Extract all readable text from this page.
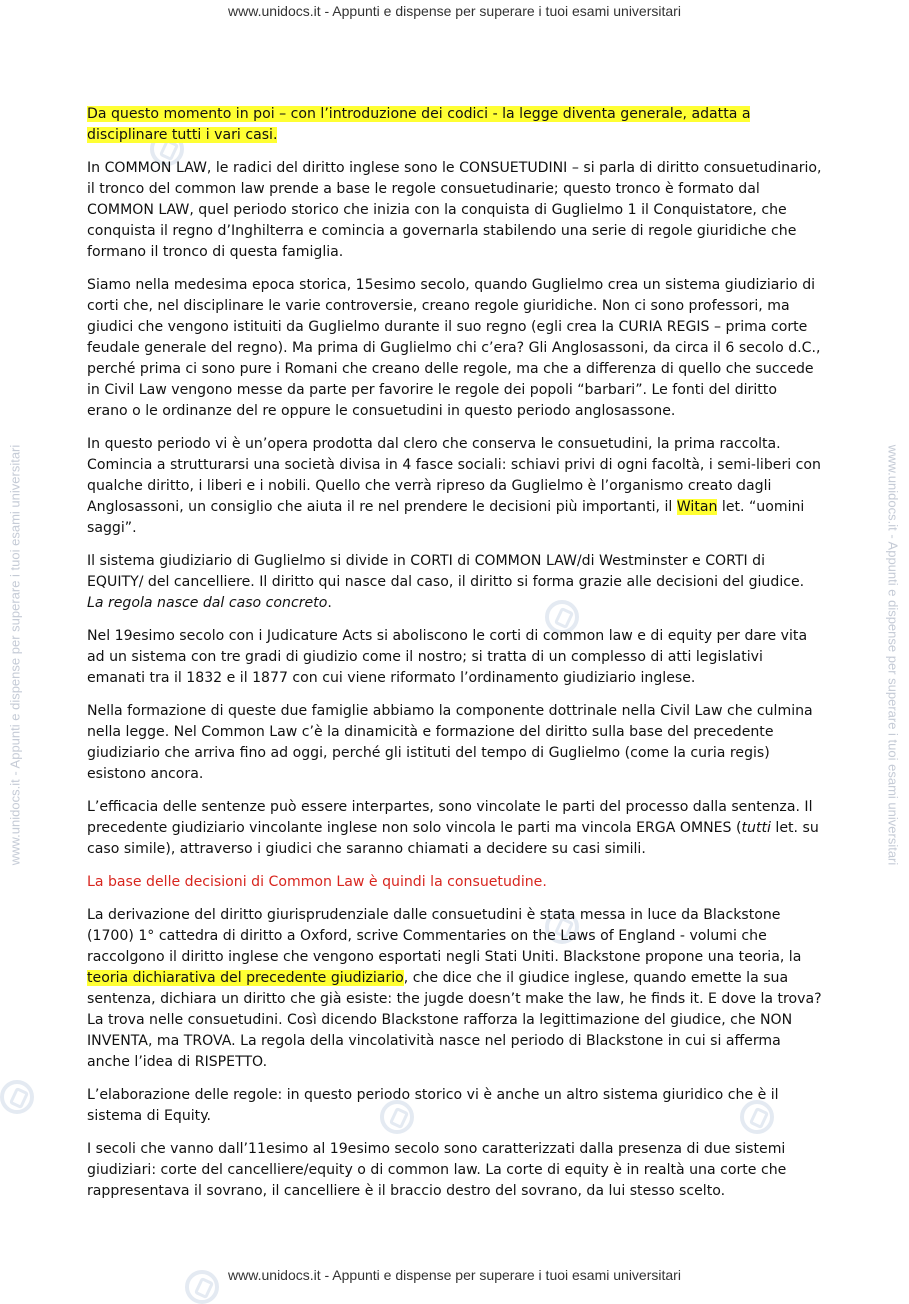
www.unidocs.it - Appunti e dispense per superare i tuoi esami universitari
www.unidocs.it - Appunti e dispense per superare i tuoi esami universitari
www.unidocs.it - Appunti e dispense per superare i tuoi esami universitari	www.unidocs.it - Appunti e dispense per superare i tuoi esami universitari

Da questo momento in poi – con l’introduzione dei codici - la legge diventa generale, adatta a disciplinare tutti i vari casi.

In COMMON LAW, le radici del diritto inglese sono le CONSUETUDINI – si parla di diritto consuetudinario, il tronco del common law prende a base le regole consuetudinarie; questo tronco è formato dal COMMON LAW, quel periodo storico che inizia con la conquista di Guglielmo 1 il Conquistatore, che conquista il regno d’Inghilterra e comincia a governarla stabilendo una serie di regole giuridiche che formano il tronco di questa famiglia.

Siamo nella medesima epoca storica, 15esimo secolo, quando Guglielmo crea un sistema giudiziario di corti che, nel disciplinare le varie controversie, creano regole giuridiche. Non ci sono professori, ma giudici che vengono istituiti da Guglielmo durante il suo regno (egli crea la CURIA REGIS – prima corte feudale generale del regno). Ma prima di Guglielmo chi c’era? Gli Anglosassoni, da circa il 6 secolo d.C., perché prima ci sono pure i Romani che creano delle regole, ma che a differenza di quello che succede in Civil Law vengono messe da parte per favorire le regole dei popoli “barbari”. Le fonti del diritto erano o le ordinanze del re oppure le consuetudini in questo periodo anglosassone.

In questo periodo vi è un’opera prodotta dal clero che conserva le consuetudini, la prima raccolta. Comincia a strutturarsi una società divisa in 4 fasce sociali: schiavi privi di ogni facoltà, i semi-liberi con qualche diritto, i liberi e i nobili. Quello che verrà ripreso da Guglielmo è l’organismo creato dagli Anglosassoni, un consiglio che aiuta il re nel prendere le decisioni più importanti, il Witan let. “uomini saggi”.

Il sistema giudiziario di Guglielmo si divide in CORTI di COMMON LAW/di Westminster e CORTI di EQUITY/ del cancelliere. Il diritto qui nasce dal caso, il diritto si forma grazie alle decisioni del giudice. La regola nasce dal caso concreto.

Nel 19esimo secolo con i Judicature Acts si aboliscono le corti di common law e di equity per dare vita ad un sistema con tre gradi di giudizio come il nostro; si tratta di un complesso di atti legislativi emanati tra il 1832 e il 1877 con cui viene riformato l’ordinamento giudiziario inglese.

Nella formazione di queste due famiglie abbiamo la componente dottrinale nella Civil Law che culmina nella legge. Nel Common Law c’è la dinamicità e formazione del diritto sulla base del precedente giudiziario che arriva fino ad oggi, perché gli istituti del tempo di Guglielmo (come la curia regis) esistono ancora.

L’efficacia delle sentenze può essere interpartes, sono vincolate le parti del processo dalla sentenza. Il precedente giudiziario vincolante inglese non solo vincola le parti ma vincola ERGA OMNES (tutti let. su caso simile), attraverso i giudici che saranno chiamati a decidere su casi simili.

La base delle decisioni di Common Law è quindi la consuetudine.

La derivazione del diritto giurisprudenziale dalle consuetudini è stata messa in luce da Blackstone (1700) 1° cattedra di diritto a Oxford, scrive Commentaries on the Laws of England - volumi che raccolgono il diritto inglese che vengono esportati negli Stati Uniti. Blackstone propone una teoria, la teoria dichiarativa del precedente giudiziario, che dice che il giudice inglese, quando emette la sua sentenza, dichiara un diritto che già esiste: the jugde doesn’t make the law, he finds it. E dove la trova? La trova nelle consuetudini. Così dicendo Blackstone rafforza la legittimazione del giudice, che NON INVENTA, ma TROVA. La regola della vincolatività nasce nel periodo di Blackstone in cui si afferma anche l’idea di RISPETTO.

L’elaborazione delle regole: in questo periodo storico vi è anche un altro sistema giuridico che è il sistema di Equity.

I secoli che vanno dall’11esimo al 19esimo secolo sono caratterizzati dalla presenza di due sistemi giudiziari: corte del cancelliere/equity o di common law. La corte di equity è in realtà una corte che rappresentava il sovrano, il cancelliere è il braccio destro del sovrano, da lui stesso scelto.
